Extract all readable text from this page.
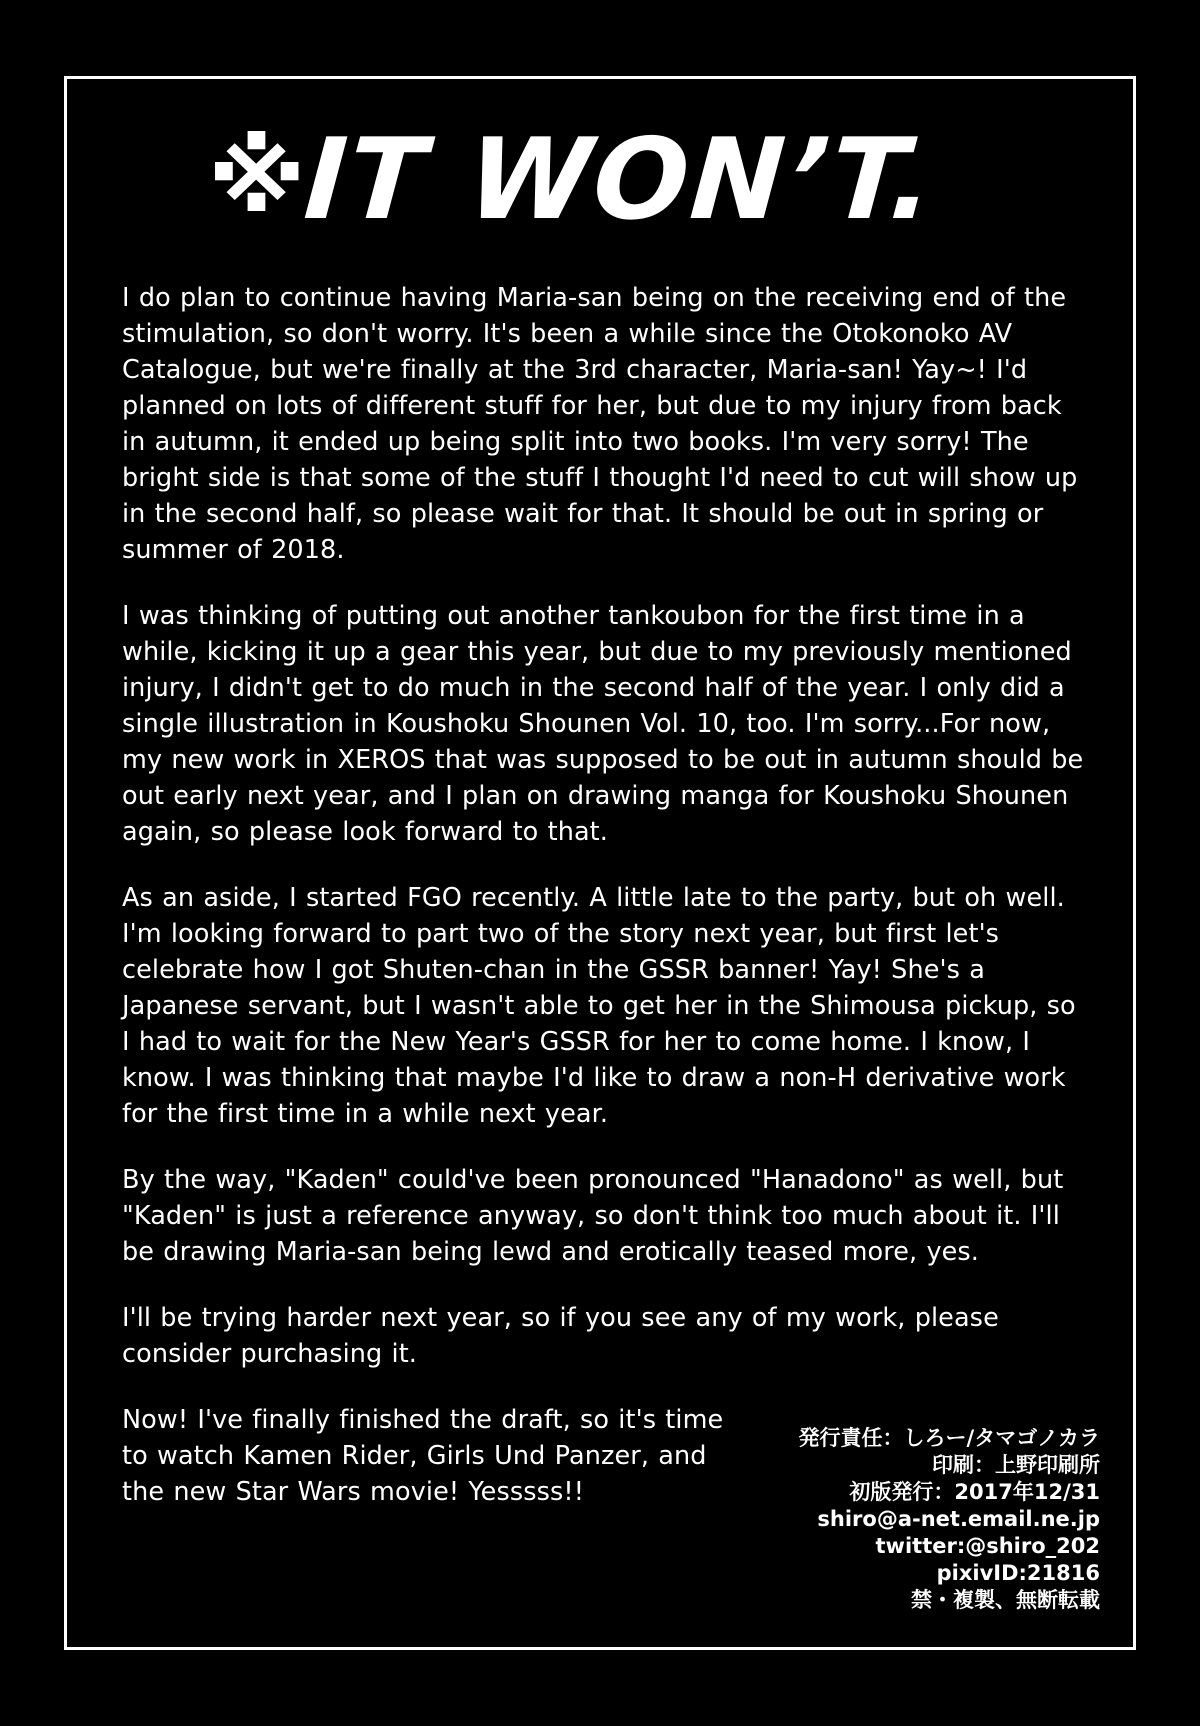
※
IT WON’T.

I do plan to continue having Maria-san being on the receiving end of the stimulation, so don't worry. It's been a while since the Otokonoko AV Catalogue, but we're finally at the 3rd character, Maria-san! Yay~! I'd planned on lots of different stuff for her, but due to my injury from back in autumn, it ended up being split into two books. I'm very sorry! The bright side is that some of the stuff I thought I'd need to cut will show up in the second half, so please wait for that. It should be out in spring or summer of 2018.

I was thinking of putting out another tankoubon for the first time in a while, kicking it up a gear this year, but due to my previously mentioned injury, I didn't get to do much in the second half of the year. I only did a single illustration in Koushoku Shounen Vol. 10, too. I'm sorry...For now, my new work in XEROS that was supposed to be out in autumn should be out early next year, and I plan on drawing manga for Koushoku Shounen again, so please look forward to that.

As an aside, I started FGO recently. A little late to the party, but oh well. I'm looking forward to part two of the story next year, but first let's celebrate how I got Shuten-chan in the GSSR banner! Yay! She's a Japanese servant, but I wasn't able to get her in the Shimousa pickup, so I had to wait for the New Year's GSSR for her to come home. I know, I know. I was thinking that maybe I'd like to draw a non-H derivative work for the first time in a while next year.

By the way, "Kaden" could've been pronounced "Hanadono" as well, but "Kaden" is just a reference anyway, so don't think too much about it. I'll be drawing Maria-san being lewd and erotically teased more, yes.

I'll be trying harder next year, so if you see any of my work, please consider purchasing it.

Now! I've finally finished the draft, so it's time to watch Kamen Rider, Girls Und Panzer, and the new Star Wars movie! Yesssss!!

発行責任：しろー/タマゴノカラ
印刷：上野印刷所
初版発行：2017年12/31
shiro@a-net.email.ne.jp
twitter:@shiro_202
pixivID:21816
禁・複製、無断転載
